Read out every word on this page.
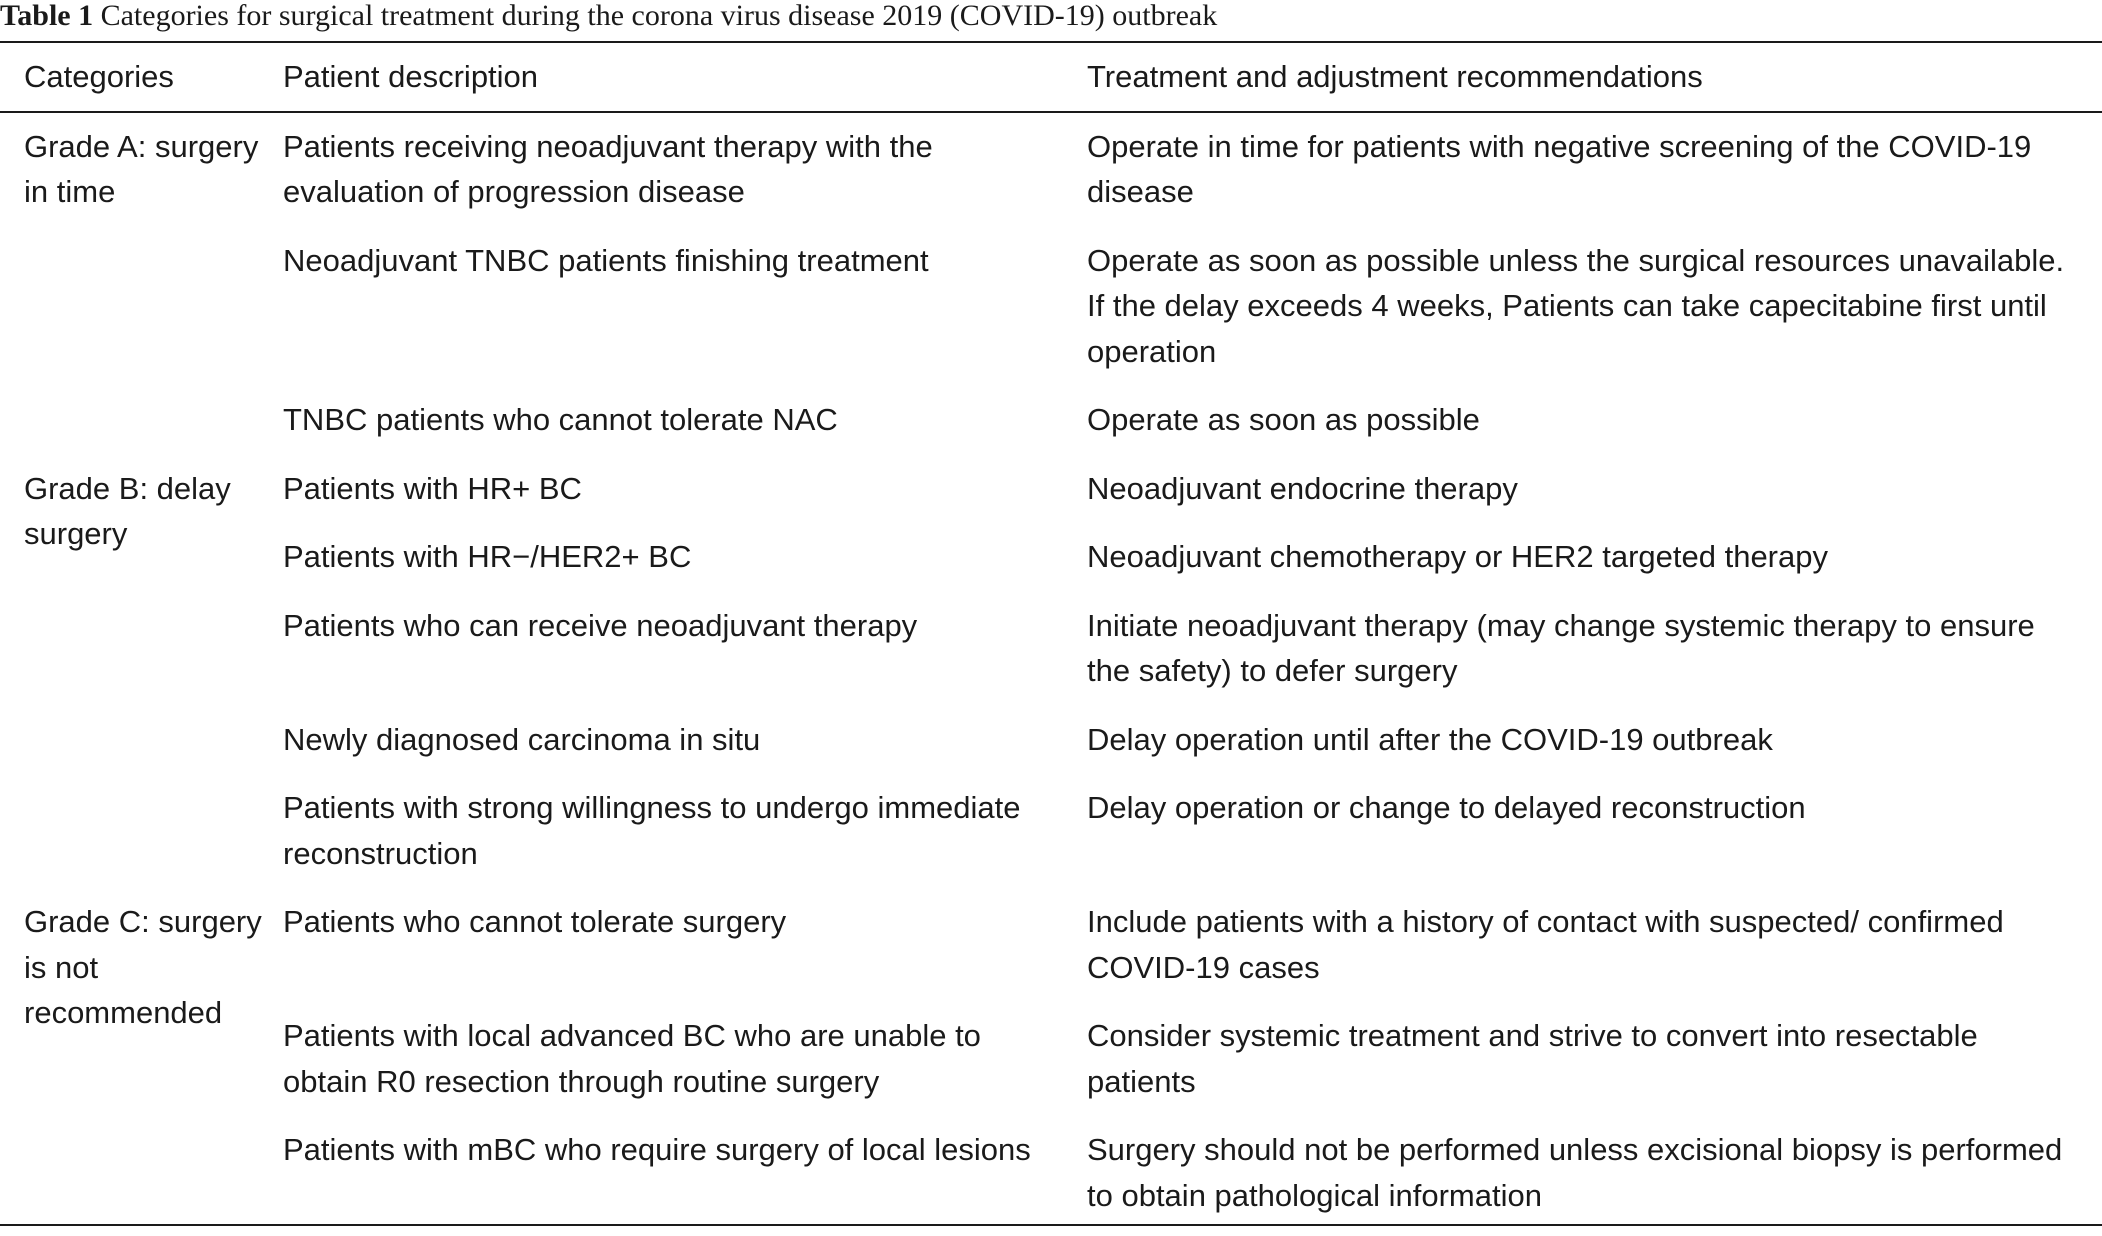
Table 1 Categories for surgical treatment during the corona virus disease 2019 (COVID-19) outbreak
Categories	Patient description	Treatment and adjustment recommendations

Grade A: surgery in time	Patients receiving neoadjuvant therapy with the evaluation of progression disease	Operate in time for patients with negative screening of the COVID-19 disease

	Neoadjuvant TNBC patients finishing treatment	Operate as soon as possible unless the surgical resources unavailable. If the delay exceeds 4 weeks, Patients can take capecitabine first until operation

	TNBC patients who cannot tolerate NAC	Operate as soon as possible

Grade B: delay surgery	Patients with HR+ BC	Neoadjuvant endocrine therapy

	Patients with HR−/HER2+ BC	Neoadjuvant chemotherapy or HER2 targeted therapy

	Patients who can receive neoadjuvant therapy	Initiate neoadjuvant therapy (may change systemic therapy to ensure the safety) to defer surgery

	Newly diagnosed carcinoma in situ	Delay operation until after the COVID-19 outbreak

	Patients with strong willingness to undergo immediate reconstruction	Delay operation or change to delayed reconstruction

Grade C: surgery is not recommended	Patients who cannot tolerate surgery	Include patients with a history of contact with suspected/ confirmed COVID-19 cases

	Patients with local advanced BC who are unable to obtain R0 resection through routine surgery	Consider systemic treatment and strive to convert into resectable patients

	Patients with mBC who require surgery of local lesions	Surgery should not be performed unless excisional biopsy is performed to obtain pathological information
